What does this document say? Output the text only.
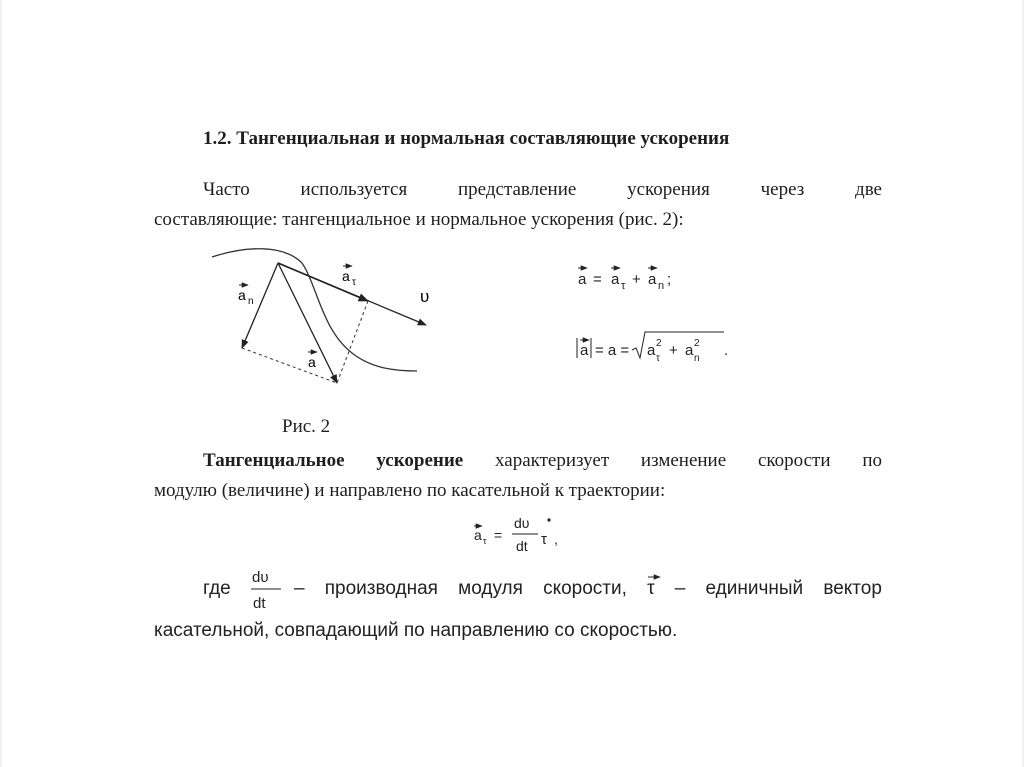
1.2. Тангенциальная и нормальная составляющие ускорения
Часто используется представление ускорения через две
составляющие: тангенциальное и нормальное ускорения (рис. 2):
a τ
a n
a
υ
Рис. 2
a = a τ + a n ;
a = a = a 2
τ + a 2
n .
Тангенциальное ускорение характеризует изменение скорости по
модулю (величине) и направлено по касательной к траектории:
a τ =
dυ
dt τ ,
где
dυ
dt
– производная модуля скорости, τ – единичный вектор
касательной, совпадающий по направлению со скоростью.
